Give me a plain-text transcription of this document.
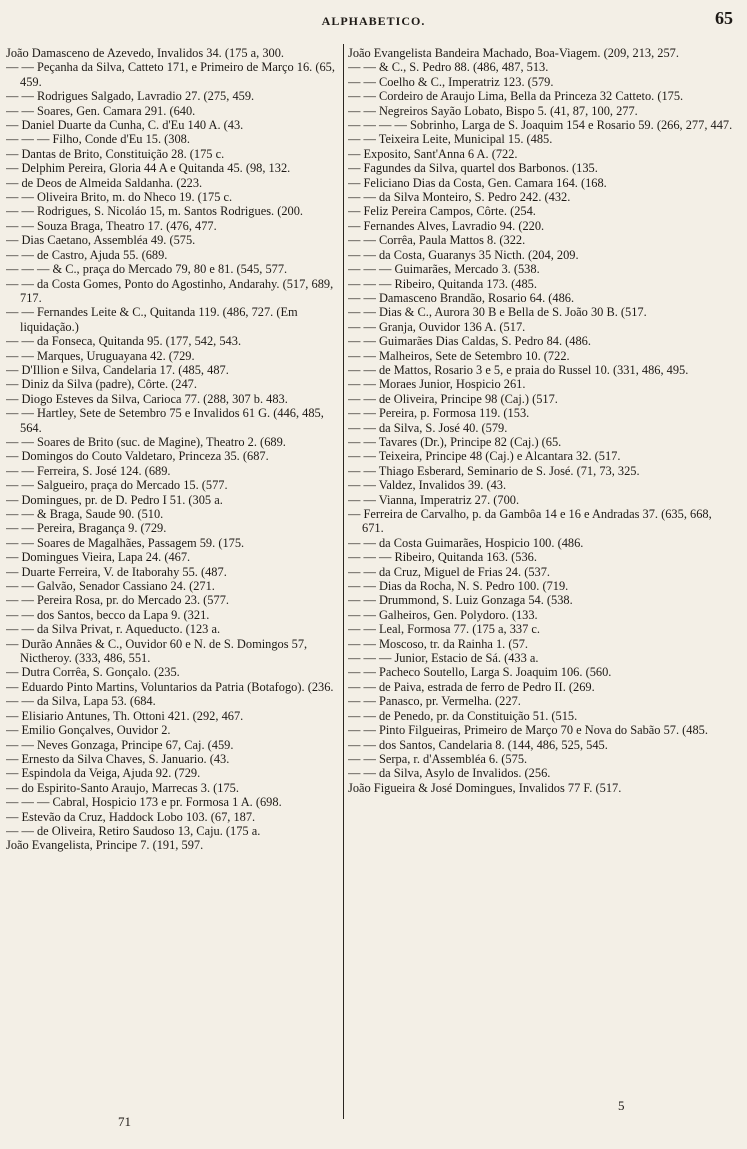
ALPHABETICO.	65

João Damasceno de Azevedo, Invalidos 34. (175 a, 300.

— — Peçanha da Silva, Catteto 171, e Primeiro de Março 16. (65, 459.

— — Rodrigues Salgado, Lavradio 27. (275, 459.

— — Soares, Gen. Camara 291. (640.

— Daniel Duarte da Cunha, C. d'Eu 140 A. (43.

— — — Filho, Conde d'Eu 15. (308.

— Dantas de Brito, Constituição 28. (175 c.

— Delphim Pereira, Gloria 44 A e Quitanda 45. (98, 132.

— de Deos de Almeida Saldanha. (223.

— — Oliveira Brito, m. do Nheco 19. (175 c.

— — Rodrigues, S. Nicoláo 15, m. Santos Rodrigues. (200.

— — Souza Braga, Theatro 17. (476, 477.

— Dias Caetano, Assembléa 49. (575.

— — de Castro, Ajuda 55. (689.

— — — & C., praça do Mercado 79, 80 e 81. (545, 577.

— — da Costa Gomes, Ponto do Agostinho, Andarahy. (517, 689, 717.

— — Fernandes Leite & C., Quitanda 119. (486, 727. (Em liquidação.)

— — da Fonseca, Quitanda 95. (177, 542, 543.

— — Marques, Uruguayana 42. (729.

— D'Illion e Silva, Candelaria 17. (485, 487.

— Diniz da Silva (padre), Côrte. (247.

— Diogo Esteves da Silva, Carioca 77. (288, 307 b. 483.

— — Hartley, Sete de Setembro 75 e Invalidos 61 G. (446, 485, 564.

— — Soares de Brito (suc. de Magine), Theatro 2. (689.

— Domingos do Couto Valdetaro, Princeza 35. (687.

— — Ferreira, S. José 124. (689.

— — Salgueiro, praça do Mercado 15. (577.

— Domingues, pr. de D. Pedro I 51. (305 a.

— — & Braga, Saude 90. (510.

— — Pereira, Bragança 9. (729.

— — Soares de Magalhães, Passagem 59. (175.

— Domingues Vieira, Lapa 24. (467.

— Duarte Ferreira, V. de Itaborahy 55. (487.

— — Galvão, Senador Cassiano 24. (271.

— — Pereira Rosa, pr. do Mercado 23. (577.

— — dos Santos, becco da Lapa 9. (321.

— — da Silva Privat, r. Aqueducto. (123 a.

— Durão Annães & C., Ouvidor 60 e N. de S. Domingos 57, Nictheroy. (333, 486, 551.

— Dutra Corrêa, S. Gonçalo. (235.

— Eduardo Pinto Martins, Voluntarios da Patria (Botafogo). (236.

— — da Silva, Lapa 53. (684.

— Elisiario Antunes, Th. Ottoni 421. (292, 467.

— Emilio Gonçalves, Ouvidor 2.

— — Neves Gonzaga, Principe 67, Caj. (459.

— Ernesto da Silva Chaves, S. Januario. (43.

— Espindola da Veiga, Ajuda 92. (729.

— do Espirito-Santo Araujo, Marrecas 3. (175.

— — — Cabral, Hospicio 173 e pr. Formosa 1 A. (698.

— Estevão da Cruz, Haddock Lobo 103. (67, 187.

— — de Oliveira, Retiro Saudoso 13, Caju. (175 a.

João Evangelista, Principe 7. (191, 597.

João Evangelista Bandeira Machado, Boa-Viagem. (209, 213, 257.

— — & C., S. Pedro 88. (486, 487, 513.

— — Coelho & C., Imperatriz 123. (579.

— — Cordeiro de Araujo Lima, Bella da Princeza 32 Catteto. (175.

— — Negreiros Sayão Lobato, Bispo 5. (41, 87, 100, 277.

— — — — Sobrinho, Larga de S. Joaquim 154 e Rosario 59. (266, 277, 447.

— — Teixeira Leite, Municipal 15. (485.

— Exposito, Sant'Anna 6 A. (722.

— Fagundes da Silva, quartel dos Barbonos. (135.

— Feliciano Dias da Costa, Gen. Camara 164. (168.

— — da Silva Monteiro, S. Pedro 242. (432.

— Feliz Pereira Campos, Côrte. (254.

— Fernandes Alves, Lavradio 94. (220.

— — Corrêa, Paula Mattos 8. (322.

— — da Costa, Guaranys 35 Nicth. (204, 209.

— — — Guimarães, Mercado 3. (538.

— — — Ribeiro, Quitanda 173. (485.

— — Damasceno Brandão, Rosario 64. (486.

— — Dias & C., Aurora 30 B e Bella de S. João 30 B. (517.

— — Granja, Ouvidor 136 A. (517.

— — Guimarães Dias Caldas, S. Pedro 84. (486.

— — Malheiros, Sete de Setembro 10. (722.

— — de Mattos, Rosario 3 e 5, e praia do Russel 10. (331, 486, 495.

— — Moraes Junior, Hospicio 261.

— — de Oliveira, Principe 98 (Caj.) (517.

— — Pereira, p. Formosa 119. (153.

— — da Silva, S. José 40. (579.

— — Tavares (Dr.), Principe 82 (Caj.) (65.

— — Teixeira, Principe 48 (Caj.) e Alcantara 32. (517.

— — Thiago Esberard, Seminario de S. José. (71, 73, 325.

— — Valdez, Invalidos 39. (43.

— — Vianna, Imperatriz 27. (700.

— Ferreira de Carvalho, p. da Gambôa 14 e 16 e Andradas 37. (635, 668, 671.

— — da Costa Guimarães, Hospicio 100. (486.

— — — Ribeiro, Quitanda 163. (536.

— — da Cruz, Miguel de Frias 24. (537.

— — Dias da Rocha, N. S. Pedro 100. (719.

— — Drummond, S. Luiz Gonzaga 54. (538.

— — Galheiros, Gen. Polydoro. (133.

— — Leal, Formosa 77. (175 a, 337 c.

— — Moscoso, tr. da Rainha 1. (57.

— — — Junior, Estacio de Sá. (433 a.

— — Pacheco Soutello, Larga S. Joaquim 106. (560.

— — de Paiva, estrada de ferro de Pedro II. (269.

— — Panasco, pr. Vermelha. (227.

— — de Penedo, pr. da Constituição 51. (515.

— — Pinto Filgueiras, Primeiro de Março 70 e Nova do Sabão 57. (485.

— — dos Santos, Candelaria 8. (144, 486, 525, 545.

— — Serpa, r. d'Assembléa 6. (575.

— — da Silva, Asylo de Invalidos. (256.

João Figueira & José Domingues, Invalidos 77 F. (517.

71
5
